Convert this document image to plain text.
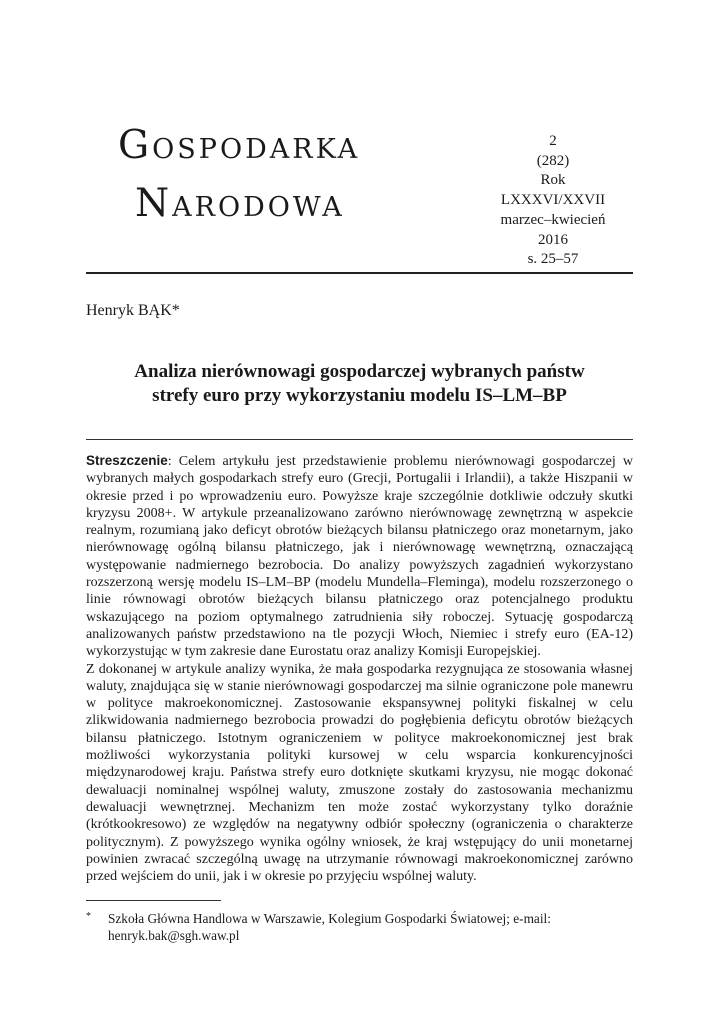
Gospodarka
Narodowa
2
(282)
Rok LXXXVI/XXVII
marzec–kwiecień
2016
s. 25–57
Henryk BĄK*
Analiza nierównowagi gospodarczej wybranych państw
strefy euro przy wykorzystaniu modelu IS–LM–BP

Streszczenie: Celem artykułu jest przedstawienie problemu nierównowagi gospodarczej w wybranych małych gospodarkach strefy euro (Grecji, Portugalii i Irlandii), a także Hiszpanii w okresie przed i po wprowadzeniu euro. Powyższe kraje szczególnie dotkliwie odczuły skutki kryzysu 2008+. W artykule przeanalizowano zarówno nierównowagę zewnętrzną w aspekcie realnym, rozumianą jako deficyt obrotów bieżących bilansu płatniczego oraz monetarnym, jako nierównowagę ogólną bilansu płatniczego, jak i nierównowagę wewnętrzną, oznaczającą występowanie nadmiernego bezrobocia. Do analizy powyższych zagadnień wykorzystano rozszerzoną wersję modelu IS–LM–BP (modelu Mundella–Fleminga), modelu rozszerzonego o linie równowagi obrotów bieżących bilansu płatniczego oraz potencjalnego produktu wskazującego na poziom optymalnego zatrudnienia siły roboczej. Sytuację gospodarczą analizowanych państw przedstawiono na tle pozycji Włoch, Niemiec i strefy euro (EA-12) wykorzystując w tym zakresie dane Eurostatu oraz analizy Komisji Europejskiej.

Z dokonanej w artykule analizy wynika, że mała gospodarka rezygnująca ze stosowania własnej waluty, znajdująca się w stanie nierównowagi gospodarczej ma silnie ograniczone pole manewru w polityce makroekonomicznej. Zastosowanie ekspansywnej polityki fiskalnej w celu zlikwidowania nadmiernego bezrobocia prowadzi do pogłębienia deficytu obrotów bieżących bilansu płatniczego. Istotnym ograniczeniem w polityce makroekonomicznej jest brak możliwości wykorzystania polityki kursowej w celu wsparcia konkurencyjności międzynarodowej kraju. Państwa strefy euro dotknięte skutkami kryzysu, nie mogąc dokonać dewaluacji nominalnej wspólnej waluty, zmuszone zostały do zastosowania mechanizmu dewaluacji wewnętrznej. Mechanizm ten może zostać wykorzystany tylko doraźnie (krótkookresowo) ze względów na negatywny odbiór społeczny (ograniczenia o charakterze politycznym). Z powyższego wynika ogólny wniosek, że kraj wstępujący do unii monetarnej powinien zwracać szczególną uwagę na utrzymanie równowagi makroekonomicznej zarówno przed wejściem do unii, jak i w okresie po przyjęciu wspólnej waluty.

* Szkoła Główna Handlowa w Warszawie, Kolegium Gospodarki Światowej; e-mail: henryk.bak@sgh.waw.pl
